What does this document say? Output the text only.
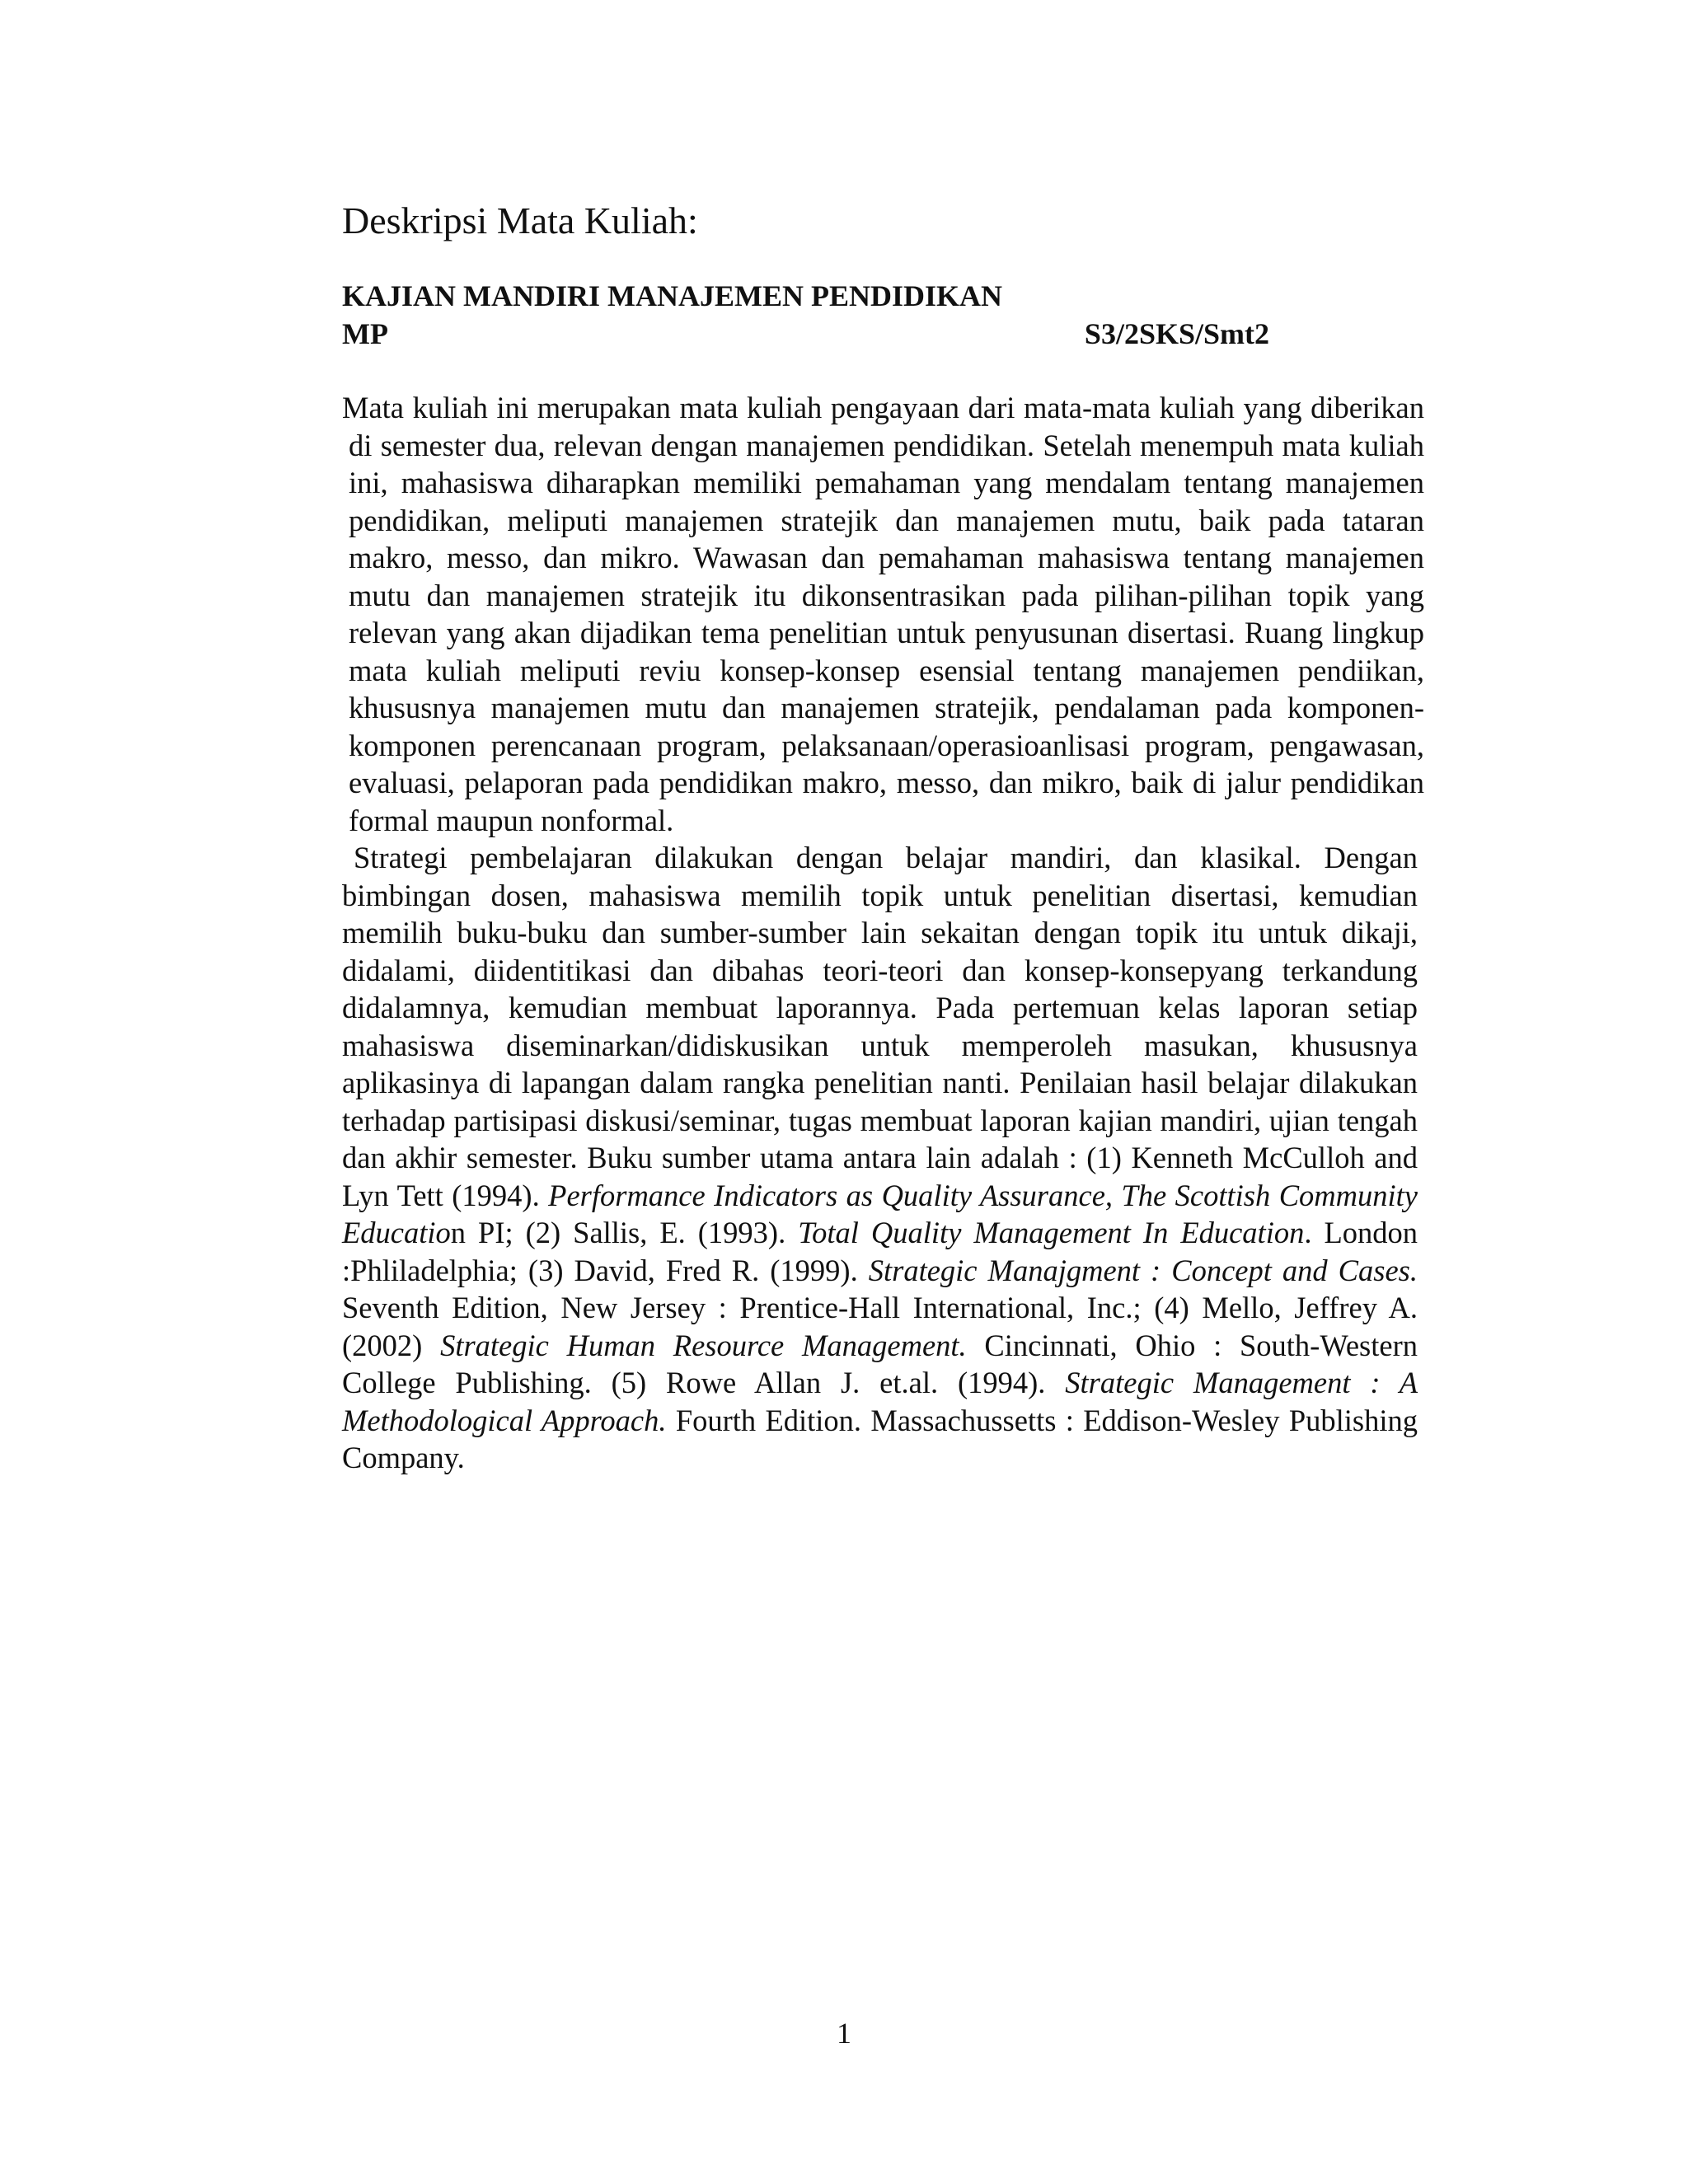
Deskripsi Mata Kuliah:
KAJIAN MANDIRI MANAJEMEN PENDIDIKAN
MP	S3/2SKS/Smt2

Mata kuliah ini merupakan mata kuliah pengayaan dari mata-mata kuliah yang diberikan di semester dua, relevan dengan manajemen pendidikan. Setelah menempuh mata kuliah ini, mahasiswa diharapkan memiliki pemahaman yang mendalam tentang manajemen pendidikan, meliputi manajemen stratejik dan manajemen mutu, baik pada tataran makro, messo, dan mikro. Wawasan dan pemahaman mahasiswa tentang manajemen mutu dan manajemen stratejik itu dikonsentrasikan pada pilihan-pilihan topik yang relevan yang akan dijadikan tema penelitian untuk penyusunan disertasi. Ruang lingkup mata kuliah meliputi reviu konsep-konsep esensial tentang manajemen pendiikan, khususnya manajemen mutu dan manajemen stratejik, pendalaman pada komponen-komponen perencanaan program, pelaksanaan/operasioanlisasi program, pengawasan, evaluasi, pelaporan pada pendidikan makro, messo, dan mikro, baik di jalur pendidikan formal maupun nonformal.

Strategi pembelajaran dilakukan dengan belajar mandiri, dan klasikal. Dengan bimbingan dosen, mahasiswa memilih topik untuk penelitian disertasi, kemudian memilih buku-buku dan sumber-sumber lain sekaitan dengan topik itu untuk dikaji, didalami, diidentitikasi dan dibahas teori-teori dan konsep-konsepyang terkandung didalamnya, kemudian membuat laporannya. Pada pertemuan kelas laporan setiap mahasiswa diseminarkan/didiskusikan untuk memperoleh masukan, khususnya aplikasinya di lapangan dalam rangka penelitian nanti. Penilaian hasil belajar dilakukan terhadap partisipasi diskusi/seminar, tugas membuat laporan kajian mandiri, ujian tengah dan akhir semester. Buku sumber utama antara lain adalah : (1) Kenneth McCulloh and Lyn Tett (1994). Performance Indicators as Quality Assurance, The Scottish Community Education PI; (2) Sallis, E. (1993). Total Quality Management In Education. London :Phliladelphia; (3) David, Fred R. (1999). Strategic Manajgment : Concept and Cases. Seventh Edition, New Jersey : Prentice-Hall International, Inc.; (4) Mello, Jeffrey A. (2002) Strategic Human Resource Management. Cincinnati, Ohio : South-Western College Publishing. (5) Rowe Allan J. et.al. (1994). Strategic Management : A Methodological Approach. Fourth Edition. Massachussetts : Eddison-Wesley Publishing Company.

1
